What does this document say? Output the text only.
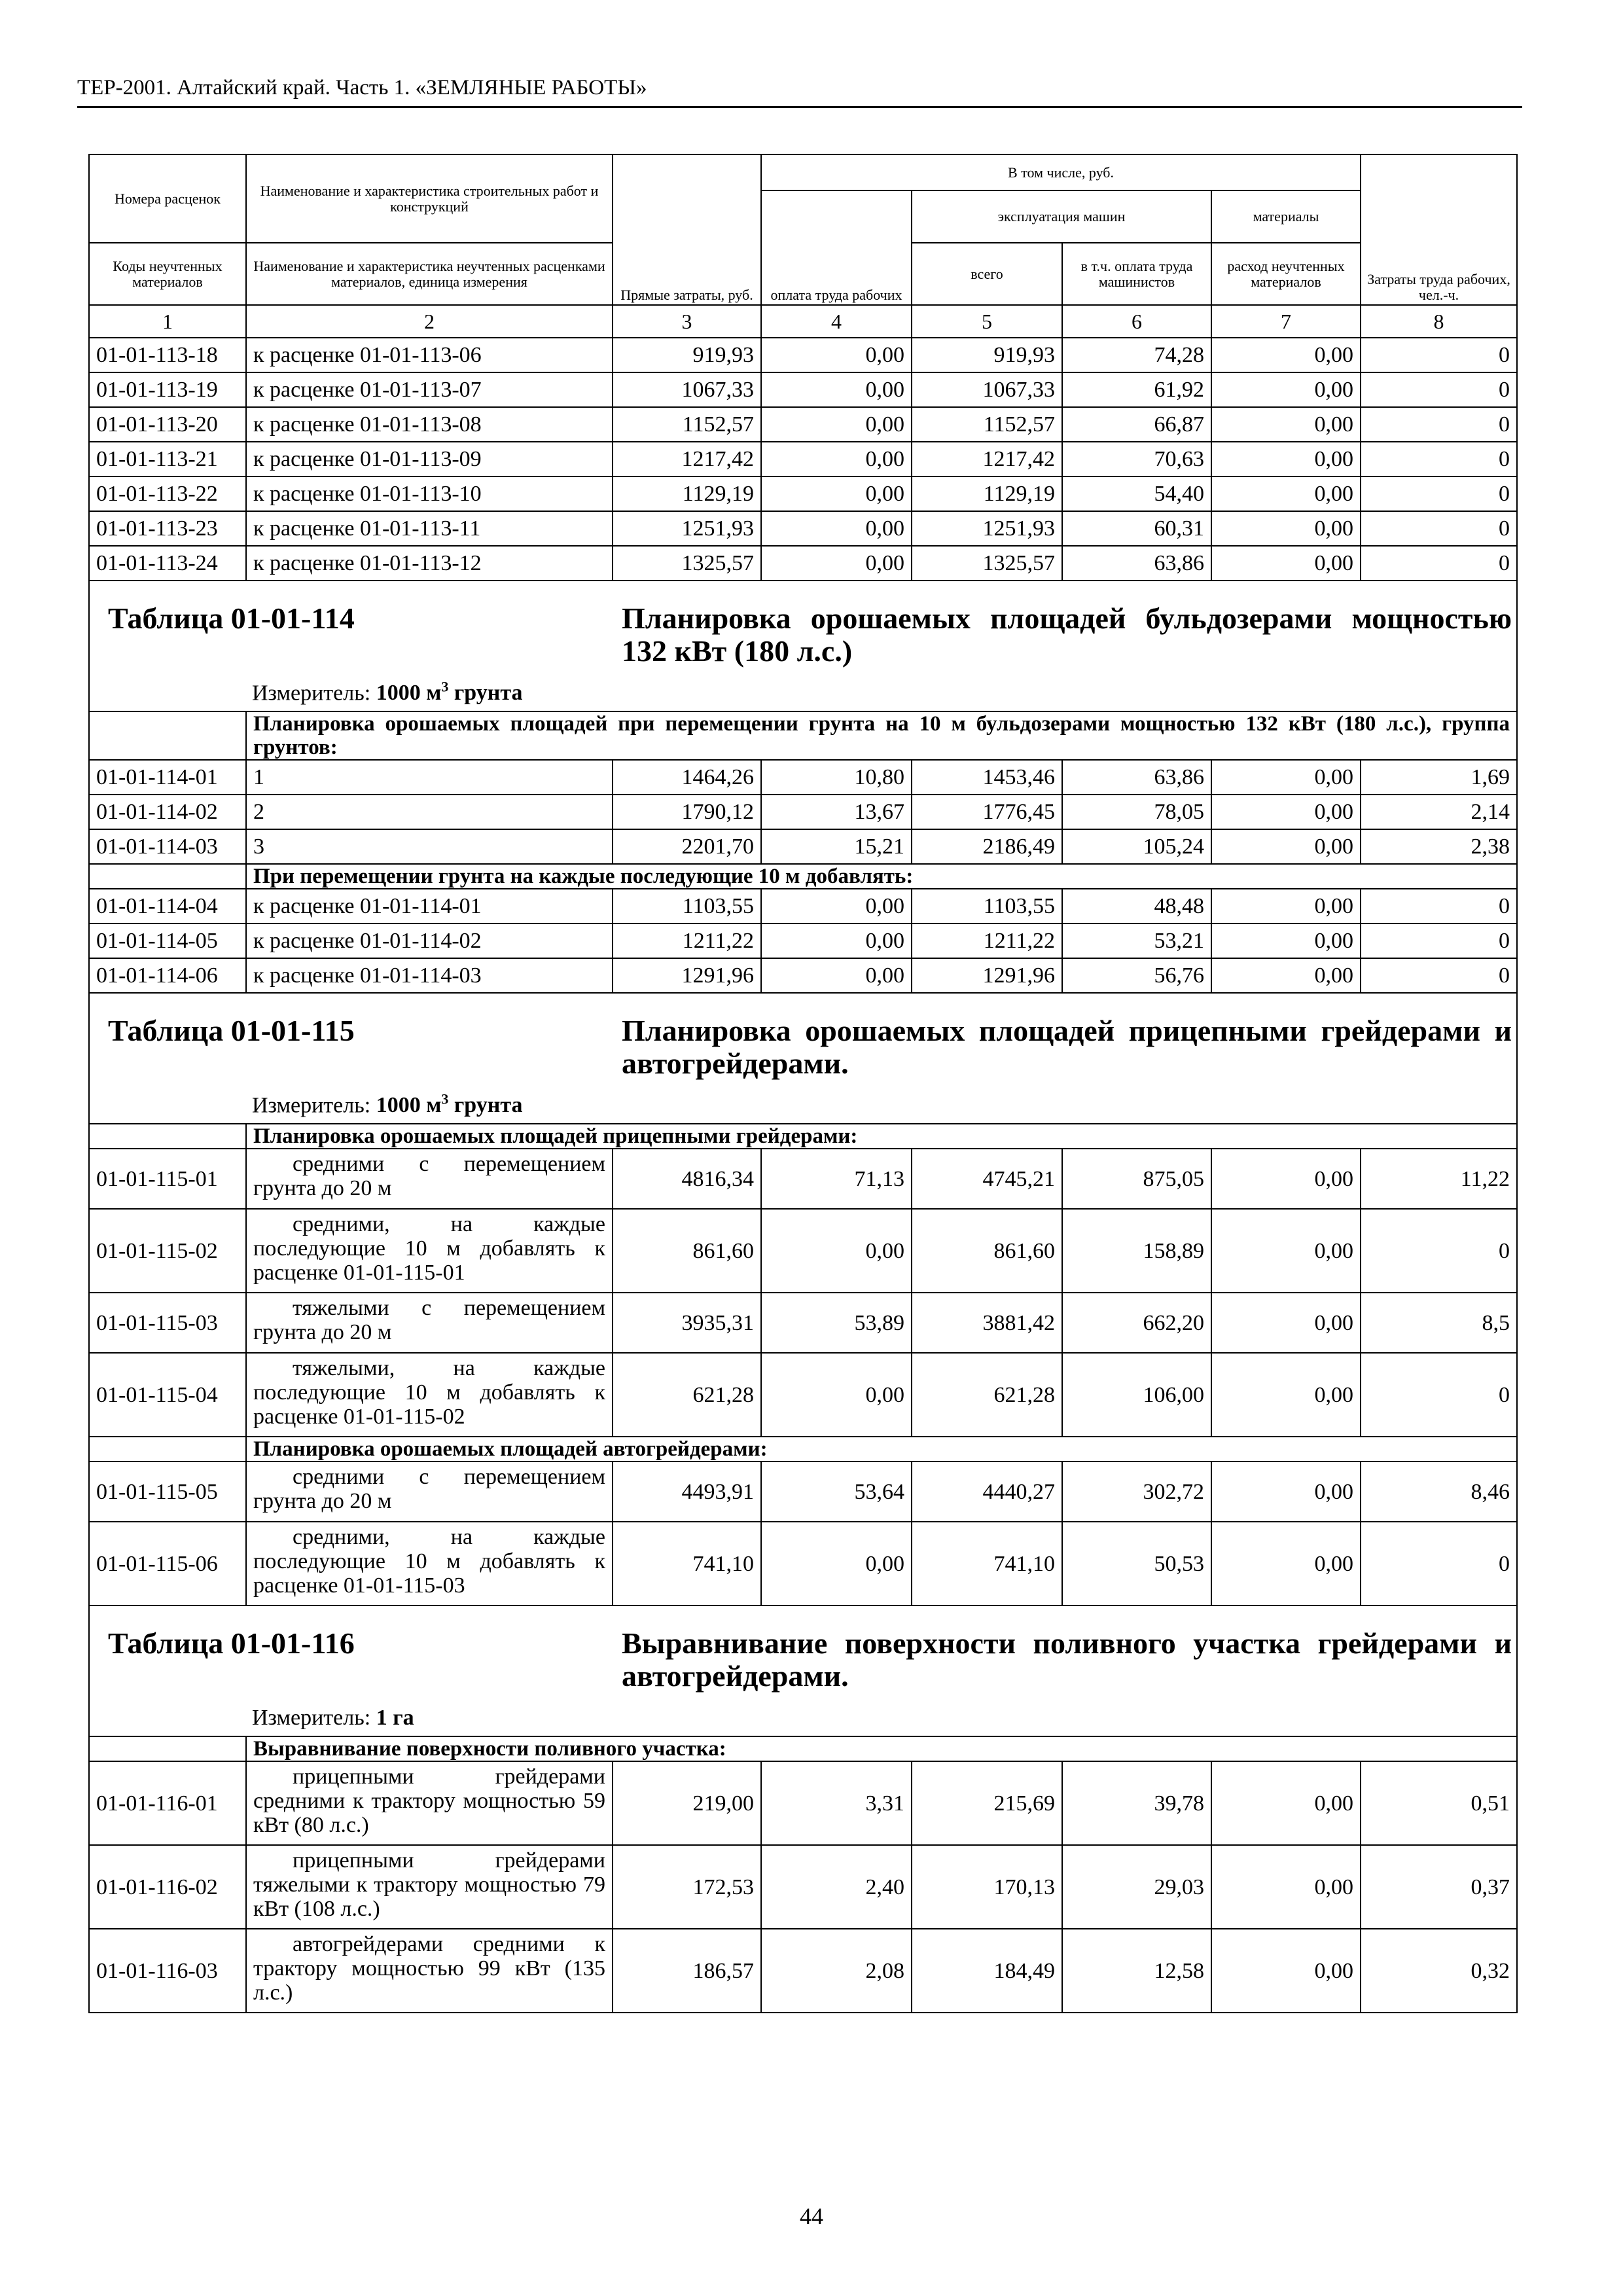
ТЕР-2001. Алтайский край. Часть 1. «ЗЕМЛЯНЫЕ РАБОТЫ»
Номера расценок	Наименование и характеристика строительных работ и конструкций	Прямые затраты, руб.	В том числе, руб.				Затраты труда рабочих, чел.-ч.
			оплата труда рабочих	эксплуатация машин		материалы	
Коды неучтенных материалов	Наименование и характеристика неучтенных расценками материалов, единица измерения			всего	в т.ч. оплата труда машинистов	расход неучтенных материалов	
1	2	3	4	5	6	7	8
01-01-113-18	к расценке 01-01-113-06	919,93	0,00	919,93	74,28	0,00	0
01-01-113-19	к расценке 01-01-113-07	1067,33	0,00	1067,33	61,92	0,00	0
01-01-113-20	к расценке 01-01-113-08	1152,57	0,00	1152,57	66,87	0,00	0
01-01-113-21	к расценке 01-01-113-09	1217,42	0,00	1217,42	70,63	0,00	0
01-01-113-22	к расценке 01-01-113-10	1129,19	0,00	1129,19	54,40	0,00	0
01-01-113-23	к расценке 01-01-113-11	1251,93	0,00	1251,93	60,31	0,00	0
01-01-113-24	к расценке 01-01-113-12	1325,57	0,00	1325,57	63,86	0,00	0

Таблица 01-01-114 Планировка орошаемых площадей бульдозерами мощностью 132 кВт (180 л.с.)
Измеритель: 1000 $м^3$ грунта							

	Планировка орошаемых площадей при перемещении грунта на 10 м бульдозерами мощностью 132 кВт (180 л.с.), группа грунтов:						
01-01-114-01	1	1464,26	10,80	1453,46	63,86	0,00	1,69
01-01-114-02	2	1790,12	13,67	1776,45	78,05	0,00	2,14
01-01-114-03	3	2201,70	15,21	2186,49	105,24	0,00	2,38
	При перемещении грунта на каждые последующие 10 м добавлять:						
01-01-114-04	к расценке 01-01-114-01	1103,55	0,00	1103,55	48,48	0,00	0
01-01-114-05	к расценке 01-01-114-02	1211,22	0,00	1211,22	53,21	0,00	0
01-01-114-06	к расценке 01-01-114-03	1291,96	0,00	1291,96	56,76	0,00	0

Таблица 01-01-115 Планировка орошаемых площадей прицепными грейдерами и автогрейдерами.
Измеритель: 1000 $м^3$ грунта							

	Планировка орошаемых площадей прицепными грейдерами:						
01-01-115-01	средними с перемещением грунта до 20 м	4816,34	71,13	4745,21	875,05	0,00	11,22
01-01-115-02	средними, на каждые последующие 10 м добавлять к расценке 01-01-115-01	861,60	0,00	861,60	158,89	0,00	0
01-01-115-03	тяжелыми с перемещением грунта до 20 м	3935,31	53,89	3881,42	662,20	0,00	8,5
01-01-115-04	тяжелыми, на каждые последующие 10 м добавлять к расценке 01-01-115-02	621,28	0,00	621,28	106,00	0,00	0
	Планировка орошаемых площадей автогрейдерами:						
01-01-115-05	средними с перемещением грунта до 20 м	4493,91	53,64	4440,27	302,72	0,00	8,46
01-01-115-06	средними, на каждые последующие 10 м добавлять к расценке 01-01-115-03	741,10	0,00	741,10	50,53	0,00	0

Таблица 01-01-116 Выравнивание поверхности поливного участка грейдерами и автогрейдерами.
Измеритель: 1 га							

	Выравнивание поверхности поливного участка:						
01-01-116-01	прицепными грейдерами средними к трактору мощностью 59 кВт (80 л.с.)	219,00	3,31	215,69	39,78	0,00	0,51
01-01-116-02	прицепными грейдерами тяжелыми к трактору мощностью 79 кВт (108 л.с.)	172,53	2,40	170,13	29,03	0,00	0,37
01-01-116-03	автогрейдерами средними к трактору мощностью 99 кВт (135 л.с.)	186,57	2,08	184,49	12,58	0,00	0,32
44
